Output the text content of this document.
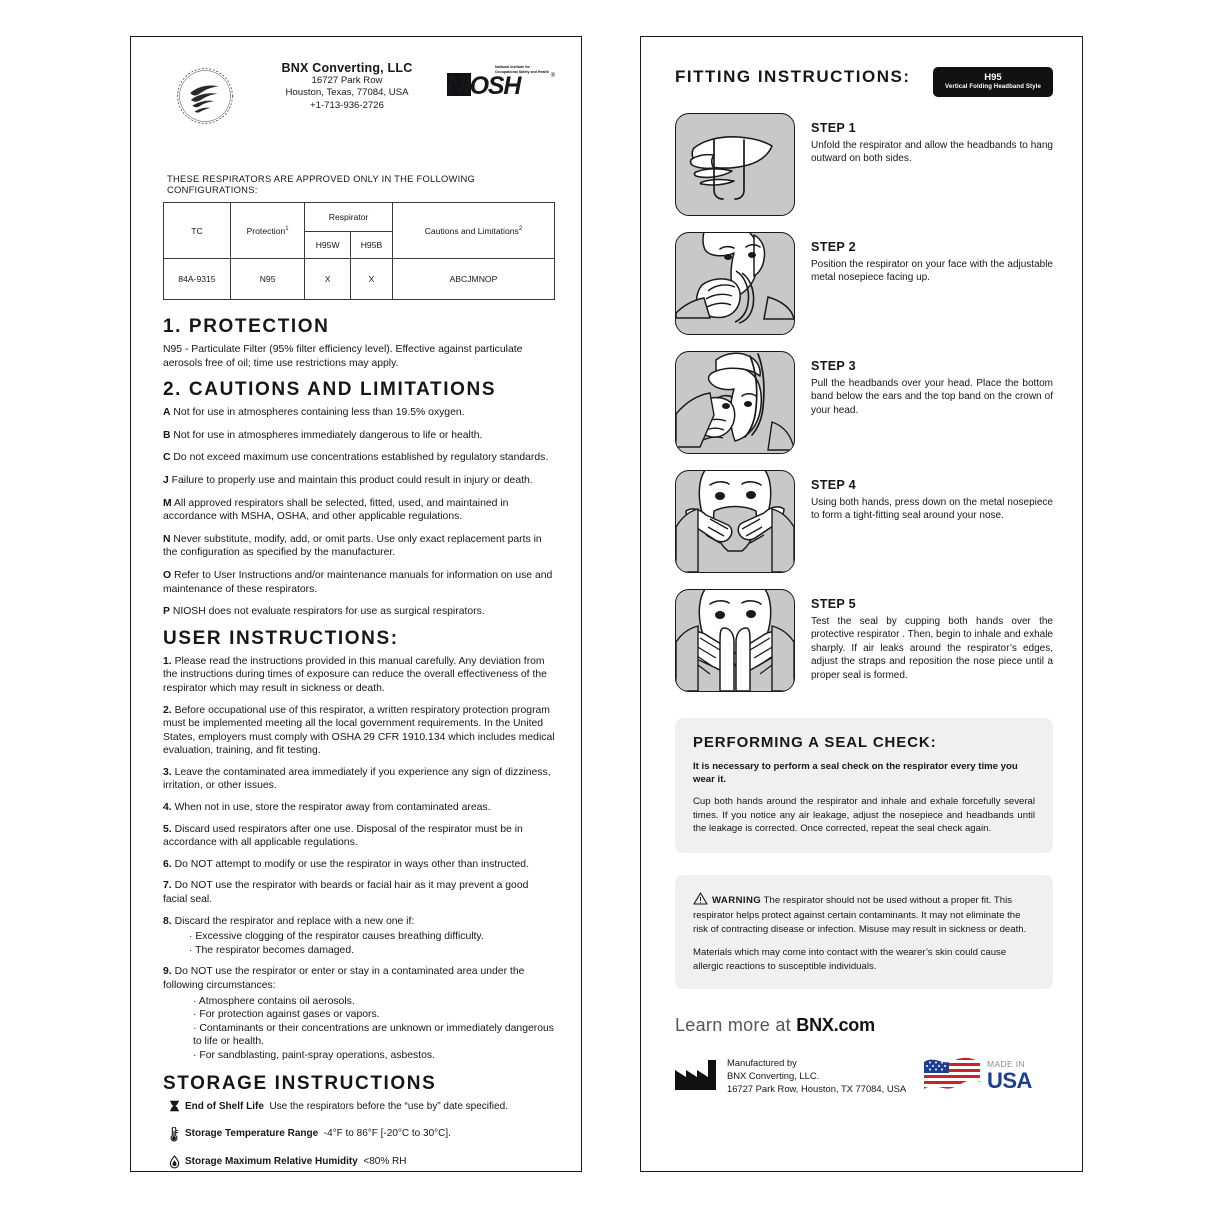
BNX Converting, LLC
16727 Park Row
Houston, Texas, 77084, USA
+1-713-936-2726
National Institute for Occupational Safety and Health
NIOSH	®
THESE RESPIRATORS ARE APPROVED ONLY IN THE FOLLOWING CONFIGURATIONS:
TC	Protection$^1$	Respirator		Cautions and Limitations$^2$
		H95W	H95B	
84A-9315	N95	X	X	ABCJMNOP
1. PROTECTION

N95 - Particulate Filter (95% filter efficiency level). Effective against particulate aerosols free of oil; time use restrictions may apply.

2. CAUTIONS AND LIMITATIONS

A Not for use in atmospheres containing less than 19.5% oxygen.

B Not for use in atmospheres immediately dangerous to life or health.

C Do not exceed maximum use concentrations established by regulatory standards.

J Failure to properly use and maintain this product could result in injury or death.

M All approved respirators shall be selected, fitted, used, and maintained in accordance with MSHA, OSHA, and other applicable regulations.

N Never substitute, modify, add, or omit parts. Use only exact replacement parts in the configuration as specified by the manufacturer.

O Refer to User Instructions and/or maintenance manuals for information on use and maintenance of these respirators.

P NIOSH does not evaluate respirators for use as surgical respirators.

USER INSTRUCTIONS:

1. Please read the instructions provided in this manual carefully. Any deviation from the instructions during times of exposure can reduce the overall effectiveness of the respirator which may result in sickness or death.

2. Before occupational use of this respirator, a written respiratory protection program must be implemented meeting all the local government requirements. In the United States, employers must comply with OSHA 29 CFR 1910.134 which includes medical evaluation, training, and fit testing.

3. Leave the contaminated area immediately if you experience any sign of dizziness, irritation, or other issues.

4. When not in use, store the respirator away from contaminated areas.

5. Discard used respirators after one use. Disposal of the respirator must be in accordance with all applicable regulations.

6. Do NOT attempt to modify or use the respirator in ways other than instructed.

7. Do NOT use the respirator with beards or facial hair as it may prevent a good facial seal.

8. Discard the respirator and replace with a new one if:

· Excessive clogging of the respirator causes breathing difficulty.
· The respirator becomes damaged.

9. Do NOT use the respirator or enter or stay in a contaminated area under the following circumstances:

· Atmosphere contains oil aerosols.
· For protection against gases or vapors.
· Contaminants or their concentrations are unknown or immediately dangerous to life or health.
· For sandblasting, paint-spray operations, asbestos.
STORAGE INSTRUCTIONS
End of Shelf Life Use the respirators before the “use by” date specified.
Storage Temperature Range -4°F to 86°F [-20°C to 30°C].
Storage Maximum Relative Humidity <80% RH
FITTING INSTRUCTIONS:	H95
Vertical Folding Headband Style
STEP 1
Unfold the respirator and allow the headbands to hang outward on both sides.
STEP 2
Position the respirator on your face with the adjustable metal nosepiece facing up.
STEP 3
Pull the headbands over your head. Place the bottom band below the ears and the top band on the crown of your head.
STEP 4
Using both hands, press down on the metal nosepiece to form a tight-fitting seal around your nose.
STEP 5
Test the seal by cupping both hands over the protective respirator . Then, begin to inhale and exhale sharply. If air leaks around the respirator’s edges, adjust the straps and reposition the nose piece until a proper seal is formed.
PERFORMING A SEAL CHECK:
It is necessary to perform a seal check on the respirator every time you wear it.
Cup both hands around the respirator and inhale and exhale forcefully several times. If you notice any air leakage, adjust the nosepiece and headbands until the leakage is corrected. Once corrected, repeat the seal check again.

WARNING The respirator should not be used without a proper fit. This respirator helps protect against certain contaminants. It may not eliminate the risk of contracting disease or infection. Misuse may result in sickness or death.

Materials which may come into contact with the wearer’s skin could cause allergic reactions to susceptible individuals.

Learn more at BNX.com
Manufactured by
BNX Converting, LLC.
16727 Park Row, Houston, TX 77084, USA
MADE IN
USA
